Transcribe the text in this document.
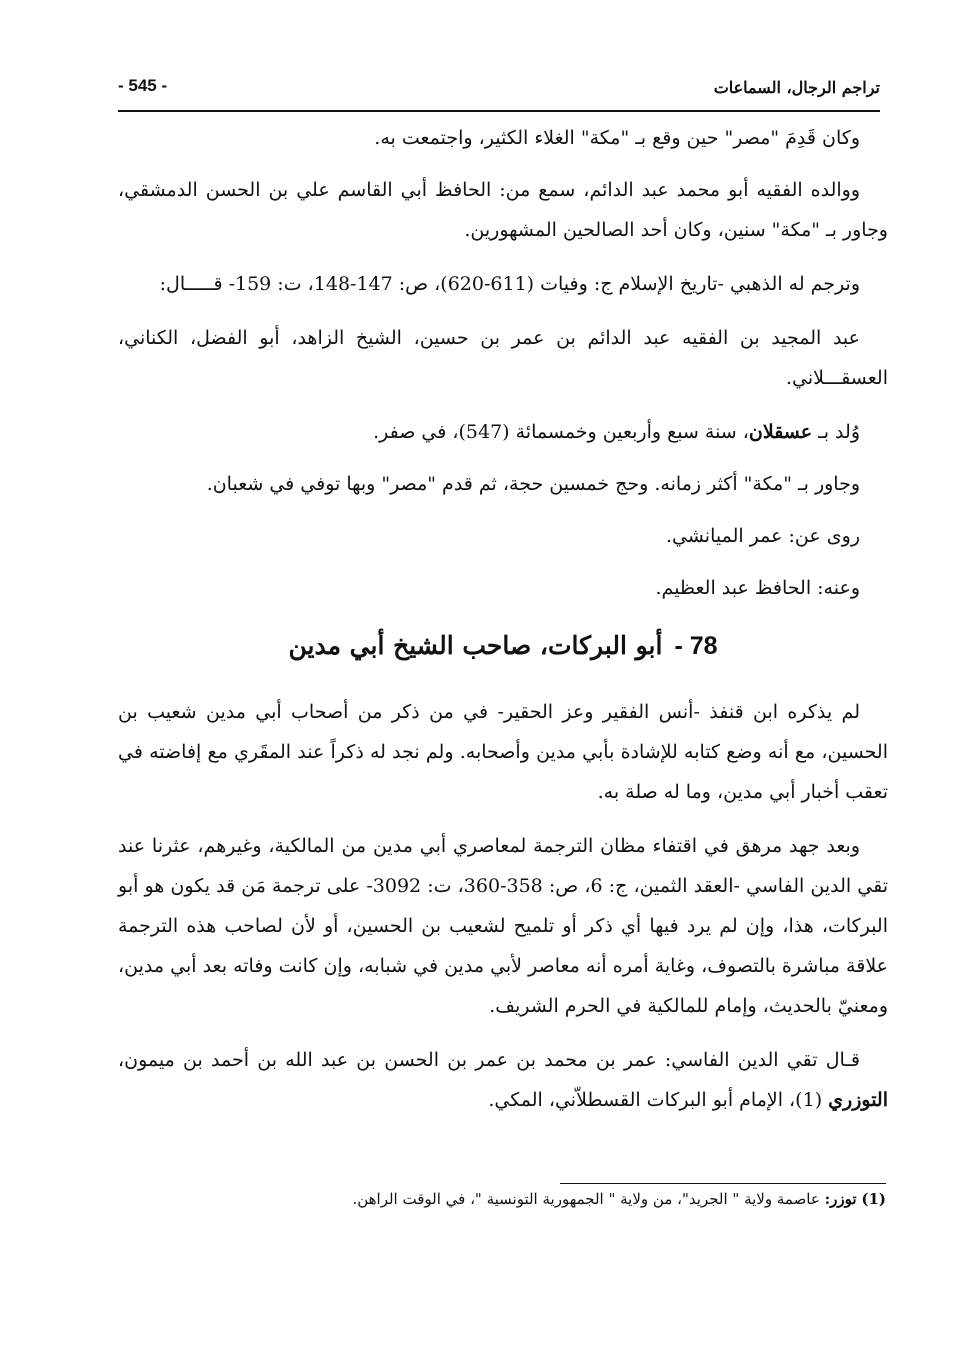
تراجم الرجال، السماعات
- 545 -

وكان قَدِمَ "مصر" حين وقع بـ "مكة" الغلاء الكثير، واجتمعت به.

ووالده الفقيه أبو محمد عبد الدائم، سمع من: الحافظ أبي القاسم علي بن الحسن الدمشقي، وجاور بـ "مكة" سنين، وكان أحد الصالحين المشهورين.

وترجم له الذهبي -تاريخ الإسلام ج: وفيات (611-620)، ص: 147-148، ت: 159- قـــــال:

عبد المجيد بن الفقيه عبد الدائم بن عمر بن حسين، الشيخ الزاهد، أبو الفضل، الكناني، العسقـــلاني.

وُلد بـ عسقلان، سنة سبع وأربعين وخمسمائة (547)، في صفر.

وجاور بـ "مكة" أكثر زمانه. وحج خمسين حجة، ثم قدم "مصر" وبها توفي في شعبان.

روى عن: عمر الميانشي.

وعنه: الحافظ عبد العظيم.

78 -أبو البركات، صاحب الشيخ أبي مدين

لم يذكره ابن قنفذ -أنس الفقير وعز الحقير- في من ذكر من أصحاب أبي مدين شعيب بن الحسين، مع أنه وضع كتابه للإشادة بأبي مدين وأصحابه. ولم نجد له ذكراً عند المقَري مع إفاضته في تعقب أخبار أبي مدين، وما له صلة به.

وبعد جهد مرهق في اقتفاء مظان الترجمة لمعاصري أبي مدين من المالكية، وغيرهم، عثرنا عند تقي الدين الفاسي -العقد الثمين، ج: 6، ص: 358-360، ت: 3092- على ترجمة مَن قد يكون هو أبو البركات، هذا، وإن لم يرد فيها أي ذكر أو تلميح لشعيب بن الحسين، أو لأن لصاحب هذه الترجمة علاقة مباشرة بالتصوف، وغاية أمره أنه معاصر لأبي مدين في شبابه، وإن كانت وفاته بعد أبي مدين، ومعنيّ بالحديث، وإمام للمالكية في الحرم الشريف.

قـال تقي الدين الفاسي: عمر بن محمد بن عمر بن الحسن بن عبد الله بن أحمد بن ميمون، التوزري (1)، الإمام أبو البركات القسطلاّني، المكي.

(1) توزر: عاصمة ولاية " الجريد"، من ولاية " الجمهورية التونسية "، في الوقت الراهن.
